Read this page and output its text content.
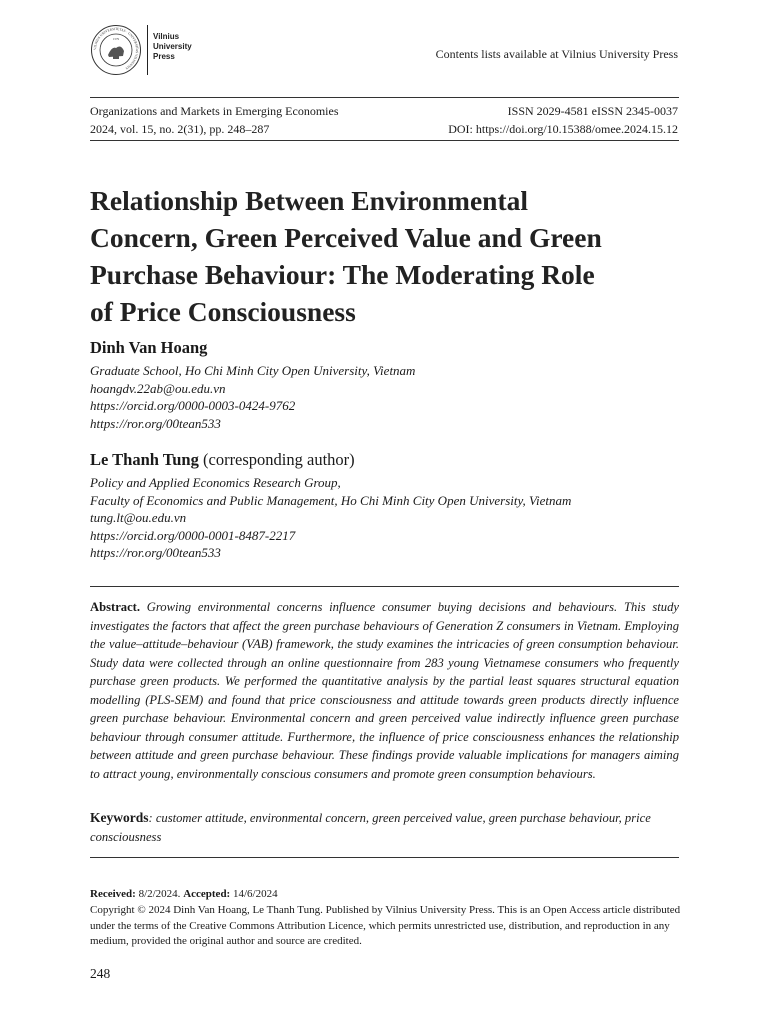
1579
VILNIUS UNIVERSITETAS · UNIVERSITAS VILNENSIS
Vilnius
University
Press	Contents lists available at Vilnius University Press
Organizations and Markets in Emerging Economies
2024, vol. 15, no. 2(31), pp. 248–287
ISSN 2029-4581 eISSN 2345-0037
DOI: https://doi.org/10.15388/omee.2024.15.12
Relationship Between Environmental
Concern, Green Perceived Value and Green
Purchase Behaviour: The Moderating Role
of Price Consciousness
Dinh Van Hoang
Graduate School, Ho Chi Minh City Open University, Vietnam
hoangdv.22ab@ou.edu.vn
https://orcid.org/0000-0003-0424-9762
https://ror.org/00tean533
Le Thanh Tung (corresponding author)
Policy and Applied Economics Research Group,
Faculty of Economics and Public Management, Ho Chi Minh City Open University, Vietnam
tung.lt@ou.edu.vn
https://orcid.org/0000-0001-8487-2217
https://ror.org/00tean533

Abstract. Growing environmental concerns influence consumer buying decisions and behaviours. This study investigates the factors that affect the green purchase behaviours of Generation Z consumers in Vietnam. Employing the value–attitude–behaviour (VAB) framework, the study examines the intricacies of green consumption behaviour. Study data were collected through an online questionnaire from 283 young Vietnamese consumers who frequently purchase green products. We performed the quantitative analysis by the partial least squares structural equation modelling (PLS-SEM) and found that price consciousness and attitude towards green products directly influence green purchase behaviour. Environmental concern and green perceived value indirectly influence green purchase behaviour through consumer attitude. Furthermore, the influence of price consciousness enhances the relationship between attitude and green purchase behaviour. These findings provide valuable implications for managers aiming to attract young, environmentally conscious consumers and promote green consumption behaviours.

Keywords: customer attitude, environmental concern, green perceived value, green purchase behaviour, price consciousness

Received: 8/2/2024. Accepted: 14/6/2024

Copyright © 2024 Dinh Van Hoang, Le Thanh Tung. Published by Vilnius University Press. This is an Open Access article distributed under the terms of the Creative Commons Attribution Licence, which permits unrestricted use, distribution, and reproduction in any medium, provided the original author and source are credited.

248
